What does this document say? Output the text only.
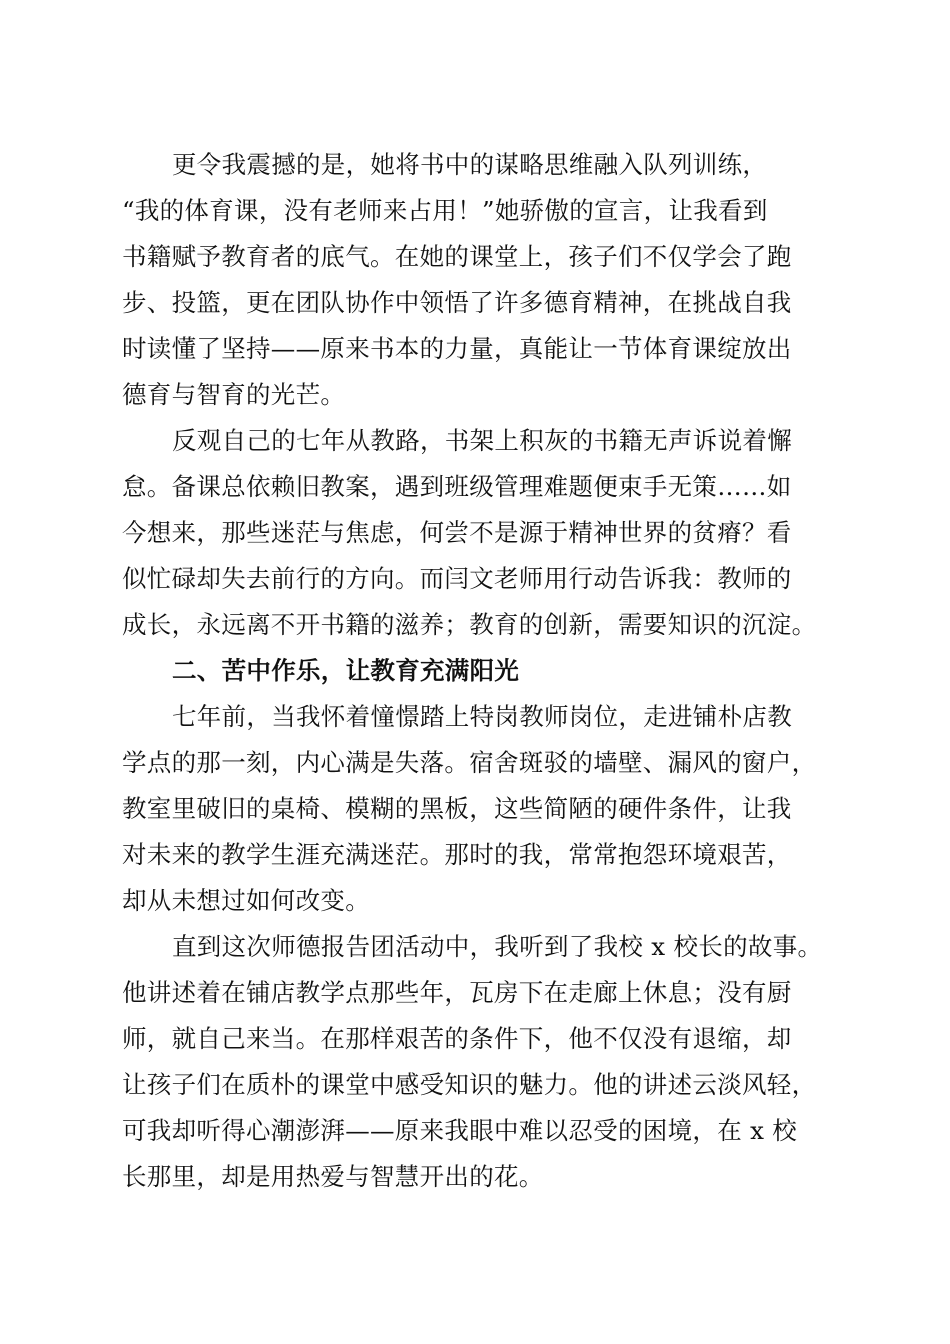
更令我震撼的是，她将书中的谋略思维融入队列训练，

“我的体育课，没有老师来占用！”她骄傲的宣言，让我看到

书籍赋予教育者的底气。在她的课堂上，孩子们不仅学会了跑

步、投篮，更在团队协作中领悟了许多德育精神，在挑战自我

时读懂了坚持——原来书本的力量，真能让一节体育课绽放出

德育与智育的光芒。

反观自己的七年从教路，书架上积灰的书籍无声诉说着懈

怠。备课总依赖旧教案，遇到班级管理难题便束手无策……如

今想来，那些迷茫与焦虑，何尝不是源于精神世界的贫瘠？看

似忙碌却失去前行的方向。而闫文老师用行动告诉我：教师的

成长，永远离不开书籍的滋养；教育的创新，需要知识的沉淀。

二、苦中作乐，让教育充满阳光

七年前，当我怀着憧憬踏上特岗教师岗位，走进铺朴店教

学点的那一刻，内心满是失落。宿舍斑驳的墙壁、漏风的窗户，

教室里破旧的桌椅、模糊的黑板，这些简陋的硬件条件，让我

对未来的教学生涯充满迷茫。那时的我，常常抱怨环境艰苦，

却从未想过如何改变。

直到这次师德报告团活动中，我听到了我校 x 校长的故事。

他讲述着在铺店教学点那些年，瓦房下在走廊上休息；没有厨

师，就自己来当。在那样艰苦的条件下，他不仅没有退缩，却

让孩子们在质朴的课堂中感受知识的魅力。他的讲述云淡风轻，

可我却听得心潮澎湃——原来我眼中难以忍受的困境，在 x 校

长那里，却是用热爱与智慧开出的花。
